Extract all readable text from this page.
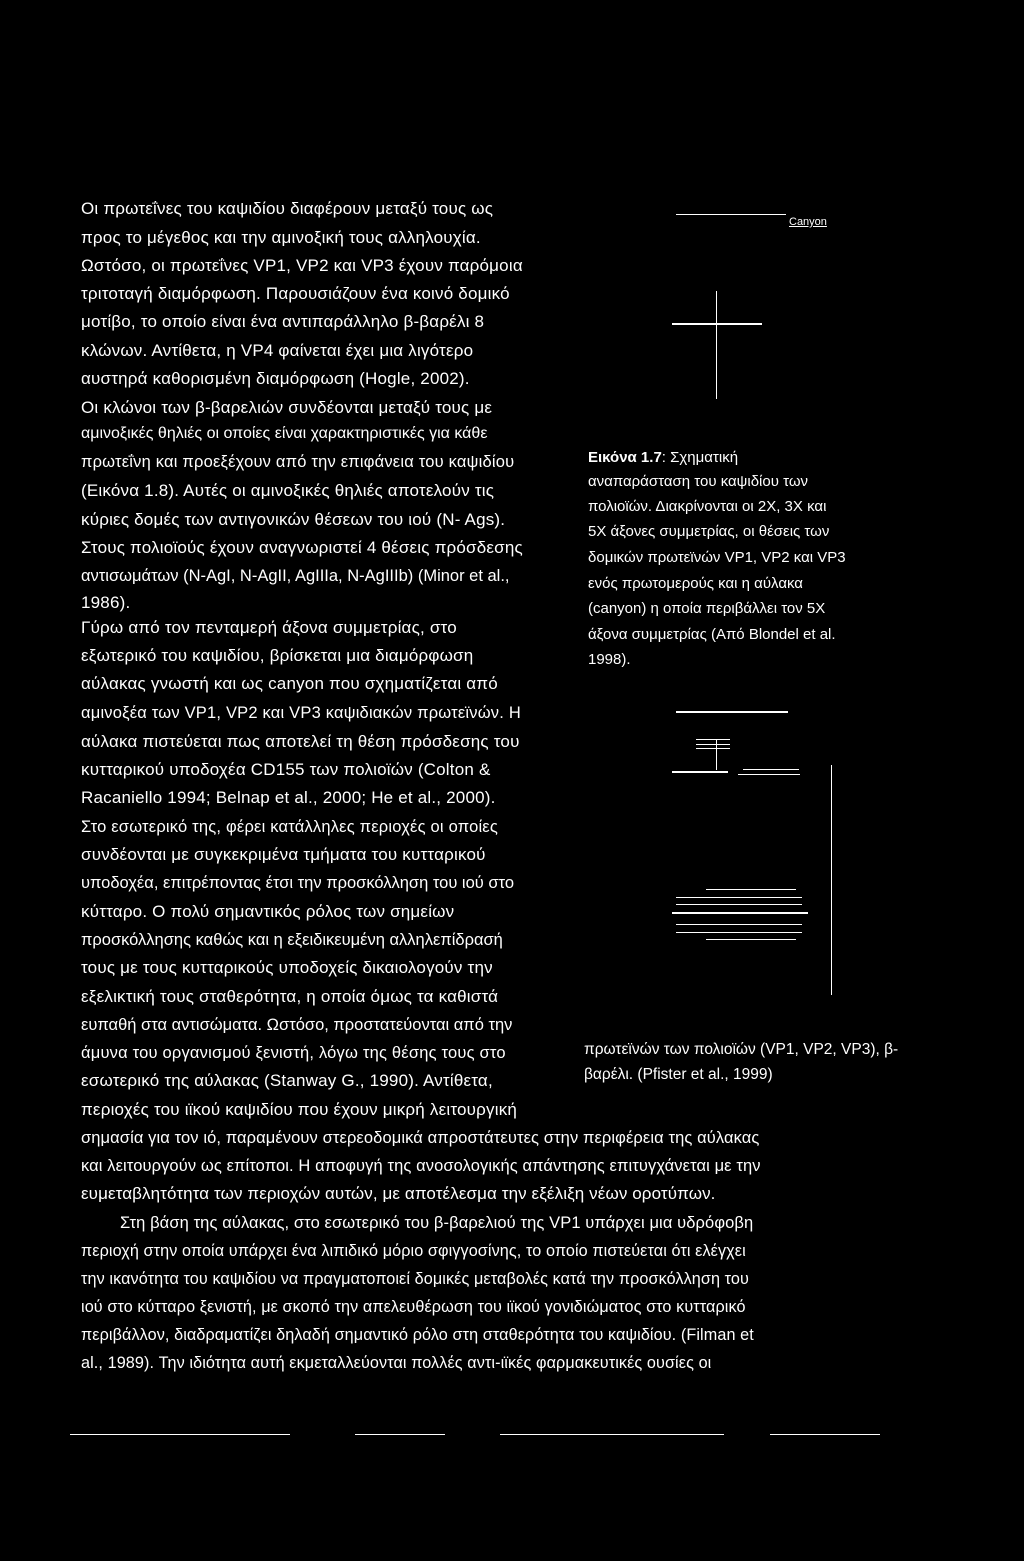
Οι πρωτεΐνες του καψιδίου διαφέρουν μεταξύ τους ως
προς το μέγεθος και την αμινοξική τους αλληλουχία.
Ωστόσο, οι πρωτεΐνες VP1, VP2 και VP3 έχουν παρόμοια
τριτοταγή διαμόρφωση. Παρουσιάζουν ένα κοινό δομικό
μοτίβο, το οποίο είναι ένα αντιπαράλληλο β-βαρέλι 8
κλώνων. Αντίθετα, η VP4 φαίνεται έχει μια λιγότερο
αυστηρά καθορισμένη διαμόρφωση (Hogle, 2002).
Οι κλώνοι των β-βαρελιών συνδέονται μεταξύ τους με
αμινοξικές θηλιές οι οποίες είναι χαρακτηριστικές για κάθε
πρωτεΐνη και προεξέχουν από την επιφάνεια του καψιδίου
(Εικόνα 1.8). Αυτές οι αμινοξικές θηλιές αποτελούν τις
κύριες δομές των αντιγονικών θέσεων του ιού (N- Ags).
Στους πολιοϊούς έχουν αναγνωριστεί 4 θέσεις πρόσδεσης
αντισωμάτων (N-AgI, N-AgII, AgIIIa, N-AgIIIb) (Minor et al.,
1986).
Γύρω από τον πενταμερή άξονα συμμετρίας, στο
εξωτερικό του καψιδίου, βρίσκεται μια διαμόρφωση
αύλακας γνωστή και ως canyon που σχηματίζεται από
αμινοξέα των VP1, VP2 και VP3 καψιδιακών πρωτεϊνών. Η
αύλακα πιστεύεται πως αποτελεί τη θέση πρόσδεσης του
κυτταρικού υποδοχέα CD155 των πολιοϊών (Colton &
Racaniello 1994; Belnap et al., 2000; He et al., 2000).
Στο εσωτερικό της, φέρει κατάλληλες περιοχές οι οποίες
συνδέονται με συγκεκριμένα τμήματα του κυτταρικού
υποδοχέα, επιτρέποντας έτσι την προσκόλληση του ιού στο
κύτταρο. Ο πολύ σημαντικός ρόλος των σημείων
προσκόλλησης καθώς και η εξειδικευμένη αλληλεπίδρασή
τους με τους κυτταρικούς υποδοχείς δικαιολογούν την
εξελικτική τους σταθερότητα, η οποία όμως τα καθιστά
ευπαθή στα αντισώματα. Ωστόσο, προστατεύονται από την
άμυνα του οργανισμού ξενιστή, λόγω της θέσης τους στο
εσωτερικό της αύλακας (Stanway G., 1990). Αντίθετα,
περιοχές του ιϊκού καψιδίου που έχουν μικρή λειτουργική
σημασία για τον ιό, παραμένουν στερεοδομικά απροστάτευτες στην περιφέρεια της αύλακας
και λειτουργούν ως επίτοποι. Η αποφυγή της ανοσολογικής απάντησης επιτυγχάνεται με την
ευμεταβλητότητα των περιοχών αυτών, με αποτέλεσμα την εξέλιξη νέων οροτύπων.
Στη βάση της αύλακας, στο εσωτερικό του β-βαρελιού της VP1 υπάρχει μια υδρόφοβη
περιοχή στην οποία υπάρχει ένα λιπιδικό μόριο σφιγγοσίνης, το οποίο πιστεύεται ότι ελέγχει
την ικανότητα του καψιδίου να πραγματοποιεί δομικές μεταβολές κατά την προσκόλληση του
ιού στο κύτταρο ξενιστή, με σκοπό την απελευθέρωση του ιϊκού γονιδιώματος στο κυτταρικό
περιβάλλον, διαδραματίζει δηλαδή σημαντικό ρόλο στη σταθερότητα του καψιδίου. (Filman et
al., 1989). Την ιδιότητα αυτή εκμεταλλεύονται πολλές αντι-ιϊκές φαρμακευτικές ουσίες οι
Canyon
Εικόνα 1.7: Σχηματική
αναπαράσταση του καψιδίου των
πολιοϊών. Διακρίνονται οι 2Χ, 3Χ και
5Χ άξονες συμμετρίας, οι θέσεις των
δομικών πρωτεϊνών VP1, VP2 και VP3
ενός πρωτομερούς και η αύλακα
(canyon) η οποία περιβάλλει τον 5Χ
άξονα συμμετρίας (Από Blondel et al.
1998).
πρωτεϊνών των πολιοϊών (VP1, VP2, VP3), β-
βαρέλι. (Pfister et al., 1999)
